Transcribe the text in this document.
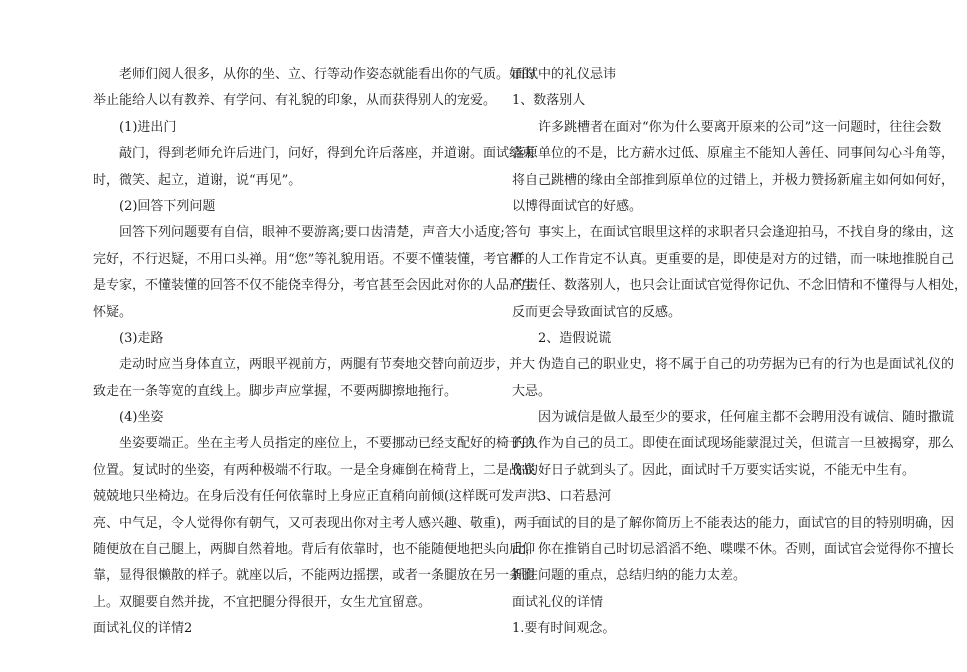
老师们阅人很多，从你的坐、立、行等动作姿态就能看出你的气质。好的
举止能给人以有教养、有学问、有礼貌的印象，从而获得别人的宠爱。
(1)进出门
敲门，得到老师允许后进门，问好，得到允许后落座，并道谢。面试结束
时，微笑、起立，道谢，说“再见”。
(2)回答下列问题
回答下列问题要有自信，眼神不要游离;要口齿清楚，声音大小适度;答句
完好，不行迟疑，不用口头禅。用“您”等礼貌用语。不要不懂装懂，考官都
是专家，不懂装懂的回答不仅不能侥幸得分，考官甚至会因此对你的人品产生
怀疑。
(3)走路
走动时应当身体直立，两眼平视前方，两腿有节奏地交替向前迈步，并大
致走在一条等宽的直线上。脚步声应掌握，不要两脚擦地拖行。
(4)坐姿
坐姿要端正。坐在主考人员指定的座位上，不要挪动已经支配好的椅子的
位置。复试时的坐姿，有两种极端不行取。一是全身瘫倒在椅背上，二是战战
兢兢地只坐椅边。在身后没有任何依靠时上身应正直稍向前倾(这样既可发声洪
亮、中气足，令人觉得你有朝气，又可表现出你对主考人感兴趣、敬重)，两手
随便放在自己腿上，两脚自然着地。背后有依靠时，也不能随便地把头向后仰
靠，显得很懒散的样子。就座以后，不能两边摇摆，或者一条腿放在另一条腿
上。双腿要自然并拢，不宜把腿分得很开，女生尤宜留意。
面试礼仪的详情2
面试中的礼仪忌讳
1、数落别人
许多跳槽者在面对“你为什么要离开原来的公司”这一问题时，往往会数
落原单位的不是，比方薪水过低、原雇主不能知人善任、同事间勾心斗角等，
将自己跳槽的缘由全部推到原单位的过错上，并极力赞扬新雇主如何如何好，
以博得面试官的好感。
事实上，在面试官眼里这样的求职者只会逢迎拍马，不找自身的缘由，这
样的人工作肯定不认真。更重要的是，即使是对方的过错，而一味地推脱自己
的责任、数落别人，也只会让面试官觉得你记仇、不念旧情和不懂得与人相处，
反而更会导致面试官的反感。
2、造假说谎
伪造自己的职业史，将不属于自己的功劳据为已有的行为也是面试礼仪的
大忌。
因为诚信是做人最至少的要求，任何雇主都不会聘用没有诚信、随时撒谎
的人作为自己的员工。即使在面试现场能蒙混过关，但谎言一旦被揭穿，那么
你的好日子就到头了。因此，面试时千万要实话实说，不能无中生有。
3、口若悬河
面试的目的是了解你简历上不能表达的能力，面试官的目的特别明确，因
此，你在推销自己时切忌滔滔不绝、喋喋不休。否则，面试官会觉得你不擅长
抓住问题的重点，总结归纳的能力太差。
面试礼仪的详情
1.要有时间观念。
